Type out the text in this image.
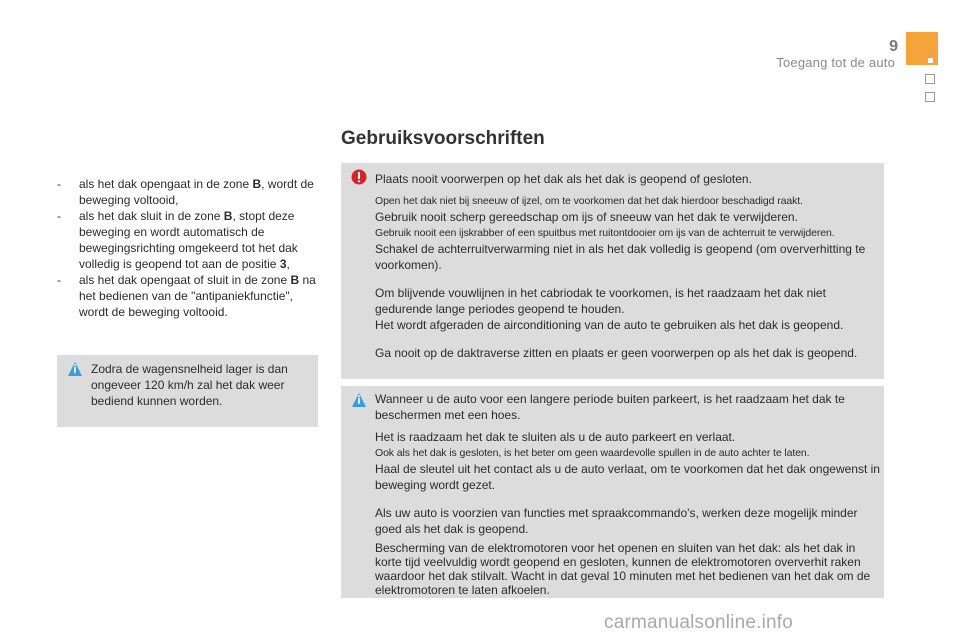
9
Toegang tot de auto
Gebruiksvoorschriften
- als het dak opengaat in de zone B, wordt de beweging voltooid,
- als het dak sluit in de zone B, stopt deze beweging en wordt automatisch de bewegingsrichting omgekeerd tot het dak volledig is geopend tot aan de positie 3,
- als het dak opengaat of sluit in de zone B na het bedienen van de "antipaniekfunctie", wordt de beweging voltooid.
Zodra de wagensnelheid lager is dan ongeveer 120 km/h zal het dak weer bediend kunnen worden.

Plaats nooit voorwerpen op het dak als het dak is geopend of gesloten.

Open het dak niet bij sneeuw of ijzel, om te voorkomen dat het dak hierdoor beschadigd raakt.

Gebruik nooit scherp gereedschap om ijs of sneeuw van het dak te verwijderen.

Gebruik nooit een ijskrabber of een spuitbus met ruitontdooier om ijs van de achterruit te verwijderen.

Schakel de achterruitverwarming niet in als het dak volledig is geopend (om oververhitting te voorkomen).

Om blijvende vouwlijnen in het cabriodak te voorkomen, is het raadzaam het dak niet gedurende lange periodes geopend te houden.

Het wordt afgeraden de airconditioning van de auto te gebruiken als het dak is geopend.

Ga nooit op de daktraverse zitten en plaats er geen voorwerpen op als het dak is geopend.

Wanneer u de auto voor een langere periode buiten parkeert, is het raadzaam het dak te beschermen met een hoes.

Het is raadzaam het dak te sluiten als u de auto parkeert en verlaat.

Ook als het dak is gesloten, is het beter om geen waardevolle spullen in de auto achter te laten.

Haal de sleutel uit het contact als u de auto verlaat, om te voorkomen dat het dak ongewenst in beweging wordt gezet.

Als uw auto is voorzien van functies met spraakcommando's, werken deze mogelijk minder goed als het dak is geopend.

Bescherming van de elektromotoren voor het openen en sluiten van het dak: als het dak in korte tijd veelvuldig wordt geopend en gesloten, kunnen de elektromotoren oververhit raken waardoor het dak stilvalt. Wacht in dat geval 10 minuten met het bedienen van het dak om de elektromotoren te laten afkoelen.

carmanualsonline.info
